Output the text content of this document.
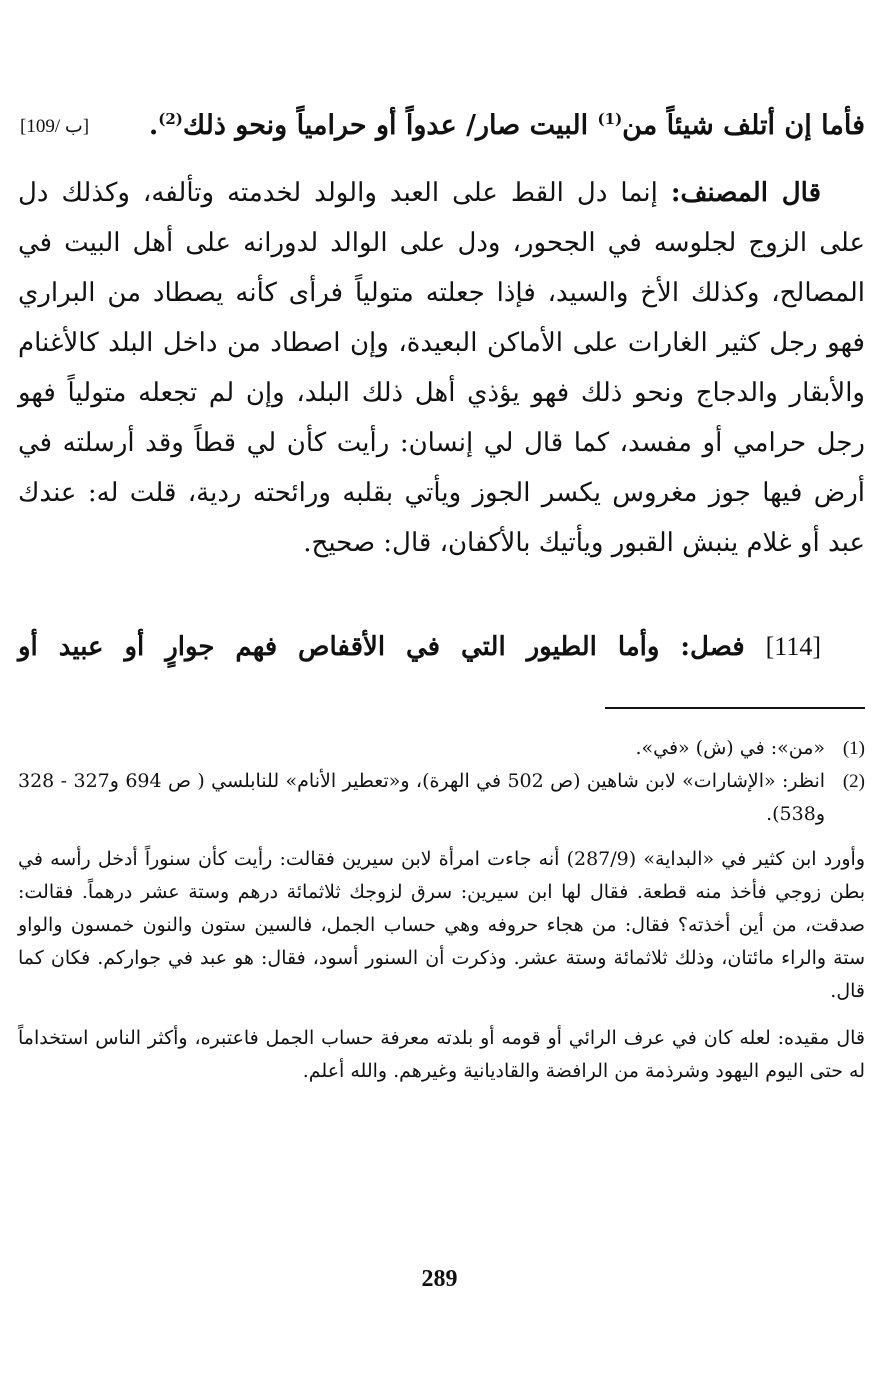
[109/ ب]	فأما إن أتلف شيئاً من$^{(1)}$ البيت صار/ عدواً أو حرامياً ونحو ذلك$^{(2)}$.

قال المصنف: إنما دل القط على العبد والولد لخدمته وتألفه، وكذلك دل على الزوج لجلوسه في الجحور، ودل على الوالد لدورانه على أهل البيت في المصالح، وكذلك الأخ والسيد، فإذا جعلته متولياً فرأى كأنه يصطاد من البراري فهو رجل كثير الغارات على الأماكن البعيدة، وإن اصطاد من داخل البلد كالأغنام والأبقار والدجاج ونحو ذلك فهو يؤذي أهل ذلك البلد، وإن لم تجعله متولياً فهو رجل حرامي أو مفسد، كما قال لي إنسان: رأيت كأن لي قطاً وقد أرسلته في أرض فيها جوز مغروس يكسر الجوز ويأتي بقلبه ورائحته ردية، قلت له: عندك عبد أو غلام ينبش القبور ويأتيك بالأكفان، قال: صحيح.

[114] فصل: وأما الطيور التي في الأقفاص فهم جوارٍ أو عبيد أو
(1)
«من»: في (ش) «في».
(2)
انظر: «الإشارات» لابن شاهين (ص 502 في الهرة)، و«تعطير الأنام» للنابلسي ( ص 694 و327 - 328 و538).

وأورد ابن كثير في «البداية» (287/9) أنه جاءت امرأة لابن سيرين فقالت: رأيت كأن سنوراً أدخل رأسه في بطن زوجي فأخذ منه قطعة. فقال لها ابن سيرين: سرق لزوجك ثلاثمائة درهم وستة عشر درهماً. فقالت: صدقت، من أين أخذته؟ فقال: من هجاء حروفه وهي حساب الجمل، فالسين ستون والنون خمسون والواو ستة والراء مائتان، وذلك ثلاثمائة وستة عشر. وذكرت أن السنور أسود، فقال: هو عبد في جواركم. فكان كما قال.

قال مقيده: لعله كان في عرف الرائي أو قومه أو بلدته معرفة حساب الجمل فاعتبره، وأكثر الناس استخداماً له حتى اليوم اليهود وشرذمة من الرافضة والقاديانية وغيرهم. والله أعلم.

289
